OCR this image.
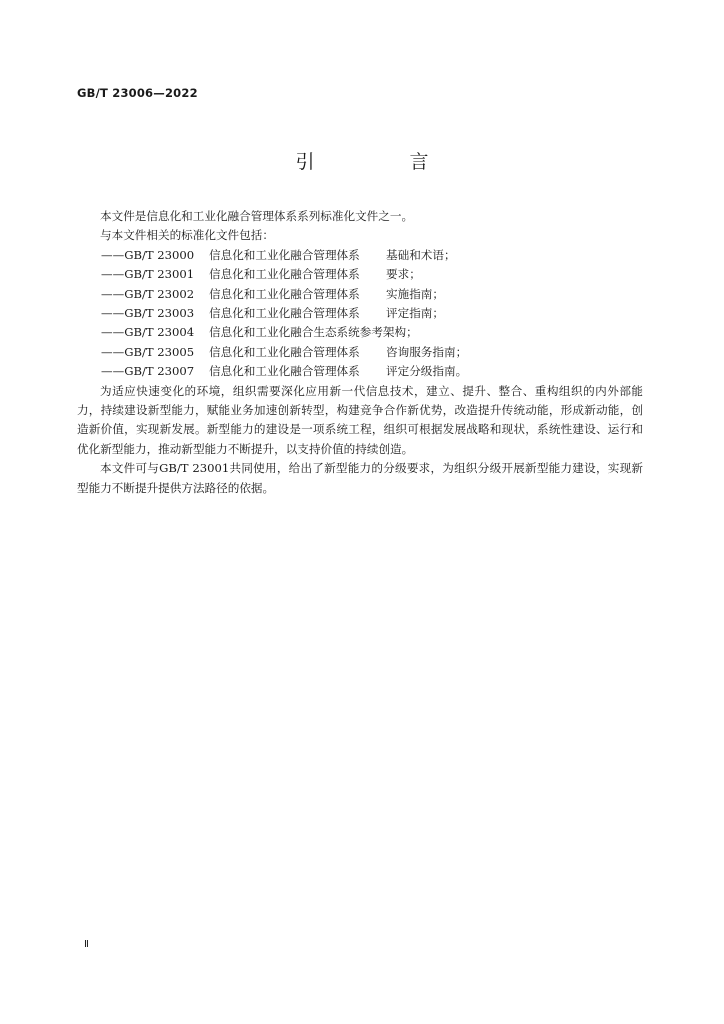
GB/T 23006—2022
引　言

本文件是信息化和工业化融合管理体系系列标准化文件之一。

与本文件相关的标准化文件包括：

——GB/T 23000 信息化和工业化融合管理体系 基础和术语；

——GB/T 23001 信息化和工业化融合管理体系 要求；

——GB/T 23002 信息化和工业化融合管理体系 实施指南；

——GB/T 23003 信息化和工业化融合管理体系 评定指南；

——GB/T 23004 信息化和工业化融合生态系统参考架构；

——GB/T 23005 信息化和工业化融合管理体系 咨询服务指南；

——GB/T 23007 信息化和工业化融合管理体系 评定分级指南。

为适应快速变化的环境，组织需要深化应用新一代信息技术，建立、提升、整合、重构组织的内外部能力，持续建设新型能力，赋能业务加速创新转型，构建竞争合作新优势，改造提升传统动能，形成新动能，创造新价值，实现新发展。新型能力的建设是一项系统工程，组织可根据发展战略和现状，系统性建设、运行和优化新型能力，推动新型能力不断提升，以支持价值的持续创造。

本文件可与GB/T 23001共同使用，给出了新型能力的分级要求，为组织分级开展新型能力建设，实现新型能力不断提升提供方法路径的依据。

Ⅱ
